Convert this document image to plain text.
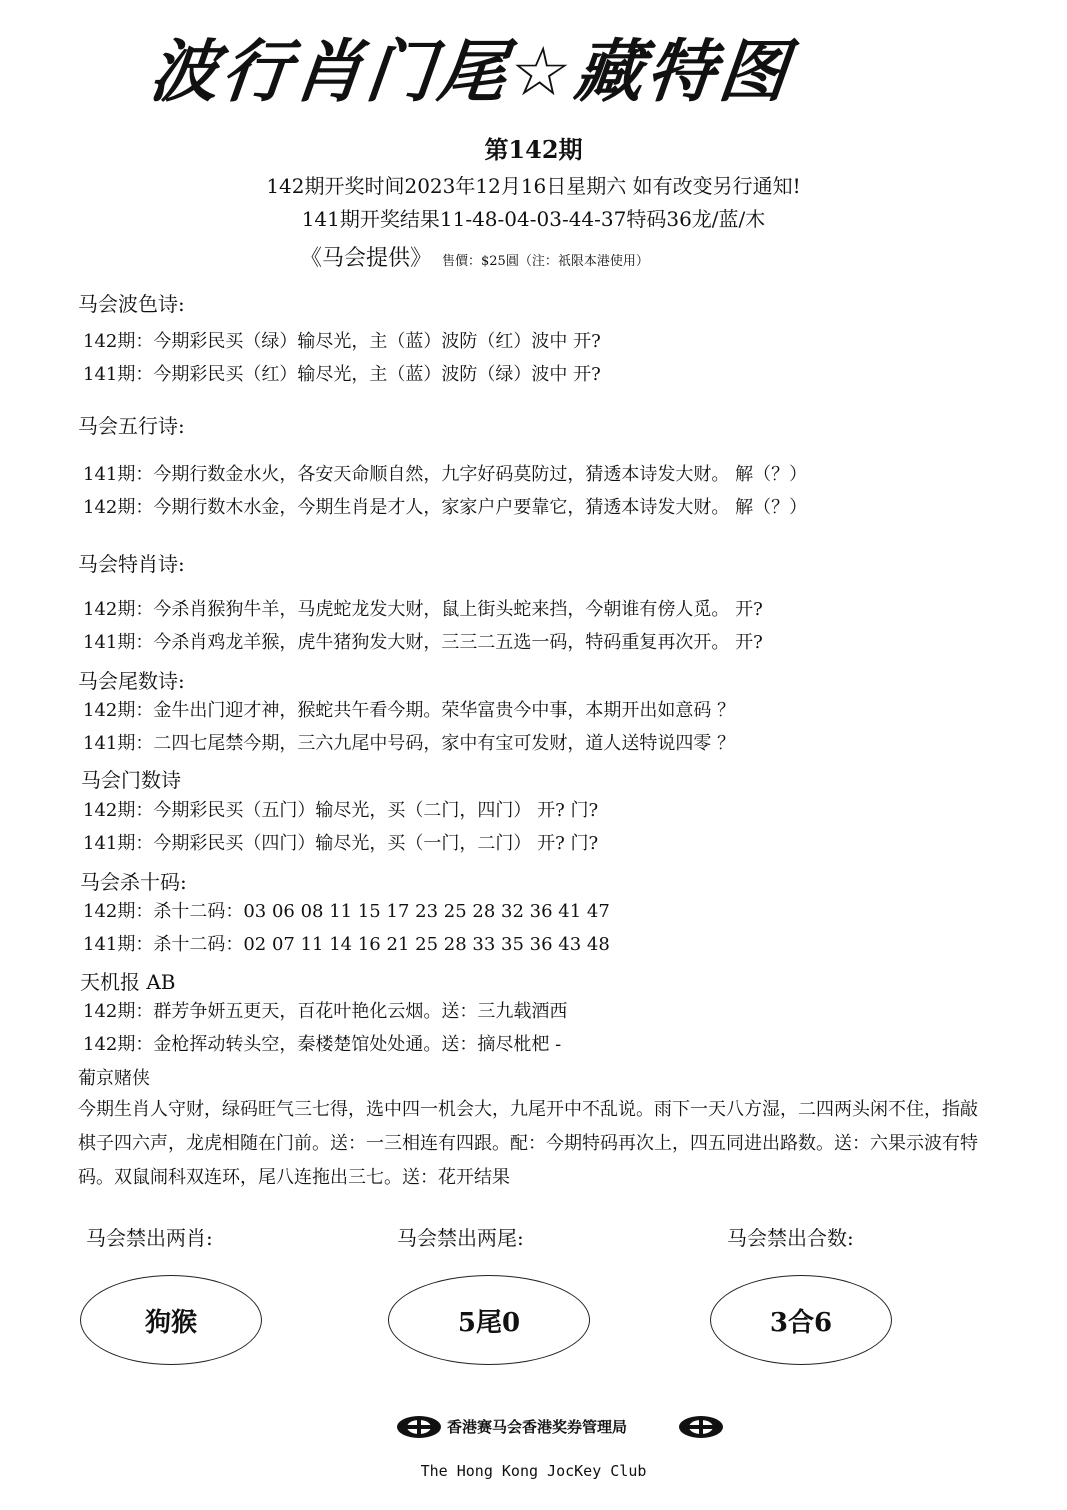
波行肖门尾☆藏特图
第142期
142期开奖时间2023年12月16日星期六 如有改变另行通知!
141期开奖结果11-48-04-03-44-37特码36龙/蓝/木
《马会提供》 售價：$25圓（注：祇限本港使用）
马会波色诗:
142期：今期彩民买（绿）输尽光，主（蓝）波防（红）波中 开?
141期：今期彩民买（红）输尽光，主（蓝）波防（绿）波中 开?
马会五行诗:
141期：今期行数金水火，各安天命顺自然，九字好码莫防过，猜透本诗发大财。 解（？）
142期：今期行数木水金，今期生肖是才人，家家户户要靠它，猜透本诗发大财。 解（？）
马会特肖诗:
142期：今杀肖猴狗牛羊，马虎蛇龙发大财，鼠上街头蛇来挡，今朝谁有傍人觅。 开?
141期：今杀肖鸡龙羊猴，虎牛猪狗发大财，三三二五选一码，特码重复再次开。 开?
马会尾数诗:
142期：金牛出门迎才神，猴蛇共午看今期。荣华富贵今中事，本期开出如意码 ？
141期：二四七尾禁今期，三六九尾中号码，家中有宝可发财，道人送特说四零 ？
马会门数诗
142期：今期彩民买（五门）输尽光，买（二门，四门） 开? 门?
141期：今期彩民买（四门）输尽光，买（一门，二门） 开? 门?
马会杀十码:
142期：杀十二码：03 06 08 11 15 17 23 25 28 32 36 41 47
141期：杀十二码：02 07 11 14 16 21 25 28 33 35 36 43 48
天机报 AB
142期：群芳争妍五更天，百花叶艳化云烟。送：三九载酒西
142期：金枪挥动转头空，秦楼楚馆处处通。送：摘尽枇杷 -
葡京赌侠
今期生肖人守财，绿码旺气三七得，选中四一机会大，九尾开中不乱说。雨下一天八方湿，二四两头闲不住，指敲棋子四六声，龙虎相随在门前。送：一三相连有四跟。配：今期特码再次上，四五同进出路数。送：六果示波有特码。双鼠闹科双连环，尾八连拖出三七。送：花开结果
马会禁出两肖:	马会禁出两尾:	马会禁出合数:
狗猴	5尾0	3合6
香港赛马会香港奖券管理局
The Hong Kong JocKey Club
